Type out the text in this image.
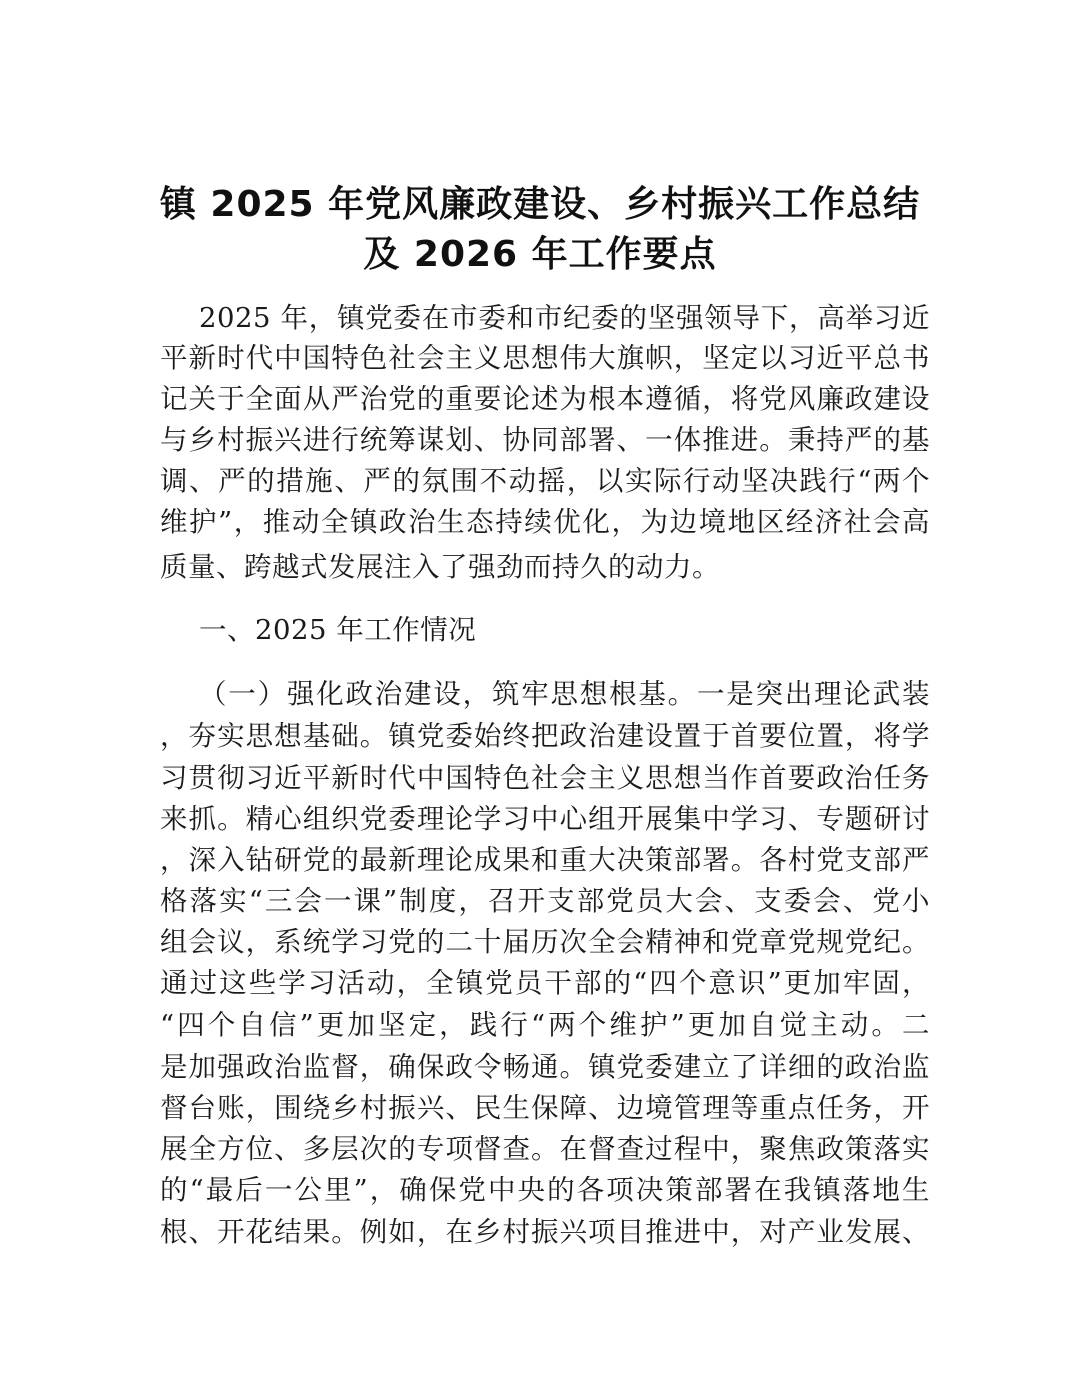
镇 2025 年党风廉政建设、乡村振兴工作总结
及 2026 年工作要点
2025 年，镇党委在市委和市纪委的坚强领导下，高举习近
平新时代中国特色社会主义思想伟大旗帜，坚定以习近平总书
记关于全面从严治党的重要论述为根本遵循，将党风廉政建设
与乡村振兴进行统筹谋划、协同部署、一体推进。秉持严的基
调、严的措施、严的氛围不动摇，以实际行动坚决践行“两个
维护”，推动全镇政治生态持续优化，为边境地区经济社会高
质量、跨越式发展注入了强劲而持久的动力。
一、2025 年工作情况
（一）强化政治建设，筑牢思想根基。一是突出理论武装
，夯实思想基础。镇党委始终把政治建设置于首要位置，将学
习贯彻习近平新时代中国特色社会主义思想当作首要政治任务
来抓。精心组织党委理论学习中心组开展集中学习、专题研讨
，深入钻研党的最新理论成果和重大决策部署。各村党支部严
格落实“三会一课”制度，召开支部党员大会、支委会、党小
组会议，系统学习党的二十届历次全会精神和党章党规党纪。
通过这些学习活动，全镇党员干部的“四个意识”更加牢固，
“四个自信”更加坚定，践行“两个维护”更加自觉主动。二
是加强政治监督，确保政令畅通。镇党委建立了详细的政治监
督台账，围绕乡村振兴、民生保障、边境管理等重点任务，开
展全方位、多层次的专项督查。在督查过程中，聚焦政策落实
的“最后一公里”，确保党中央的各项决策部署在我镇落地生
根、开花结果。例如，在乡村振兴项目推进中，对产业发展、
